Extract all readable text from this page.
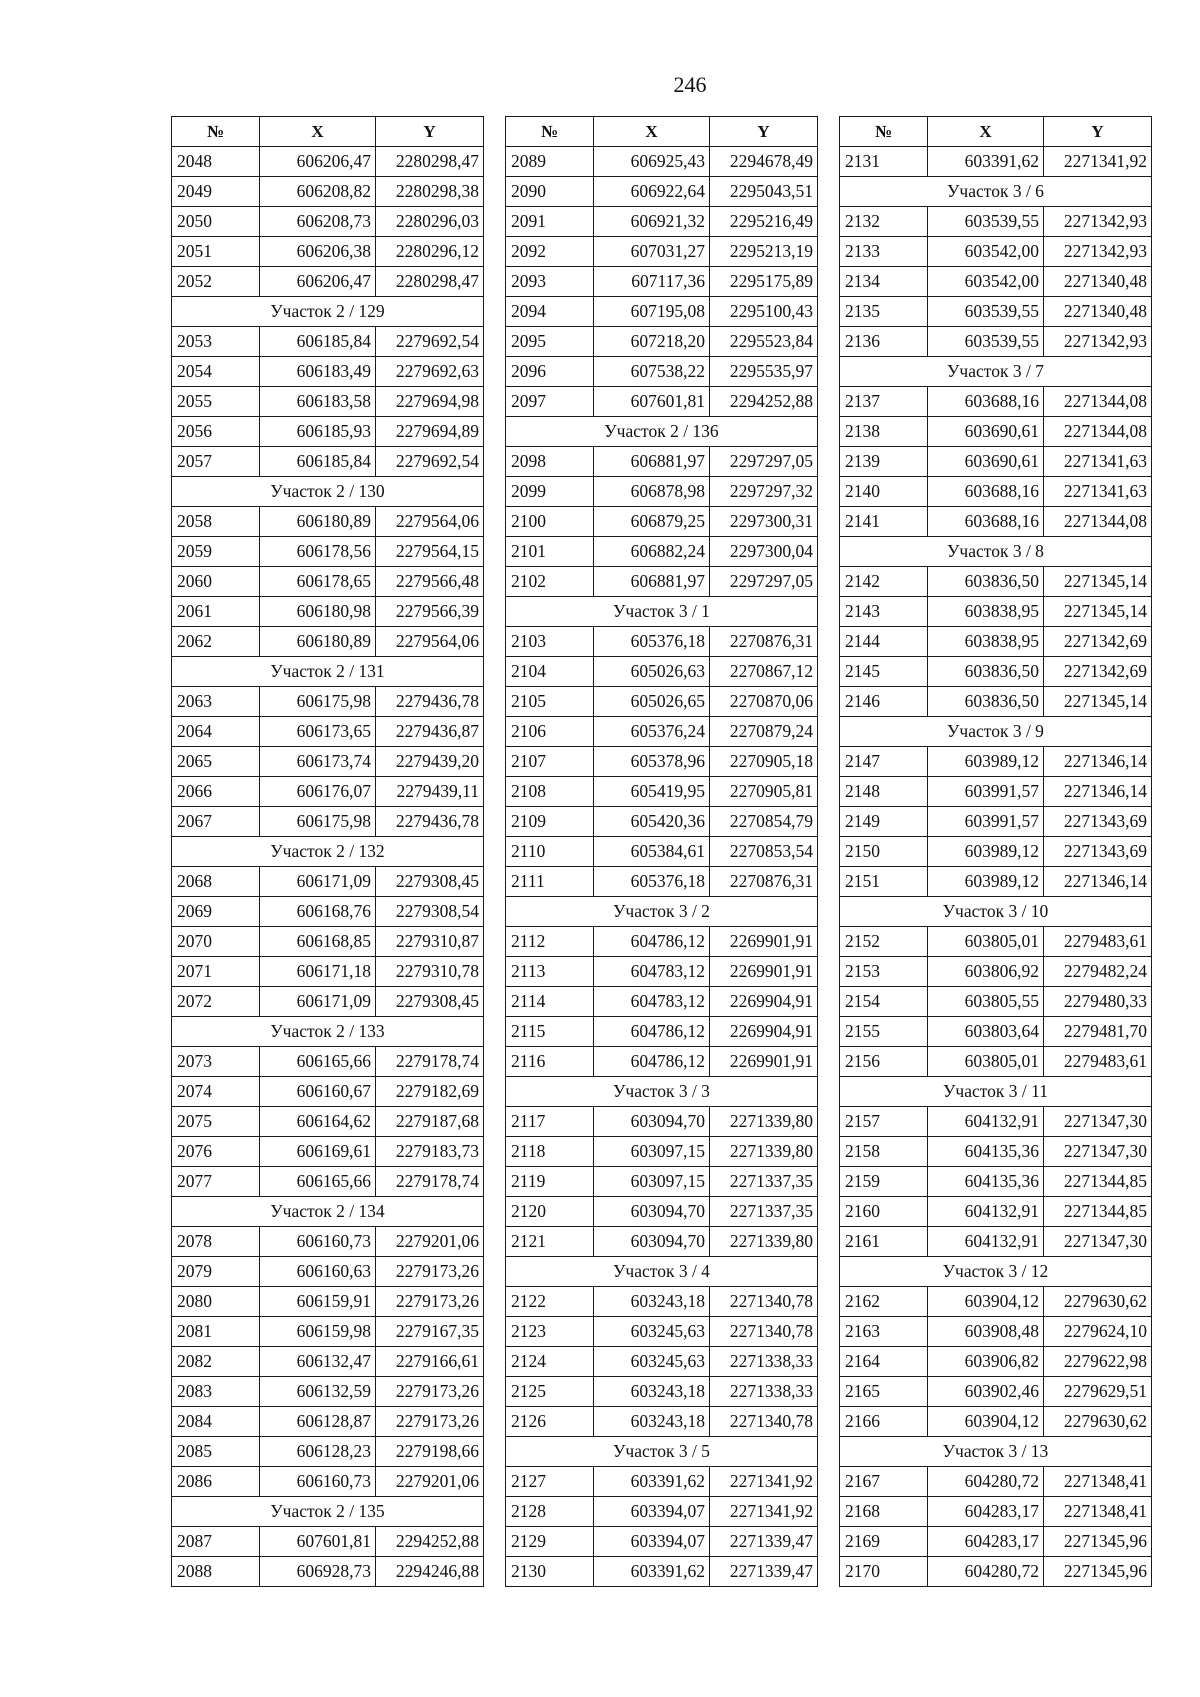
246
№	X	Y
2048	606206,47	2280298,47
2049	606208,82	2280298,38
2050	606208,73	2280296,03
2051	606206,38	2280296,12
2052	606206,47	2280298,47
Участок 2 / 129		
2053	606185,84	2279692,54
2054	606183,49	2279692,63
2055	606183,58	2279694,98
2056	606185,93	2279694,89
2057	606185,84	2279692,54
Участок 2 / 130		
2058	606180,89	2279564,06
2059	606178,56	2279564,15
2060	606178,65	2279566,48
2061	606180,98	2279566,39
2062	606180,89	2279564,06
Участок 2 / 131		
2063	606175,98	2279436,78
2064	606173,65	2279436,87
2065	606173,74	2279439,20
2066	606176,07	2279439,11
2067	606175,98	2279436,78
Участок 2 / 132		
2068	606171,09	2279308,45
2069	606168,76	2279308,54
2070	606168,85	2279310,87
2071	606171,18	2279310,78
2072	606171,09	2279308,45
Участок 2 / 133		
2073	606165,66	2279178,74
2074	606160,67	2279182,69
2075	606164,62	2279187,68
2076	606169,61	2279183,73
2077	606165,66	2279178,74
Участок 2 / 134		
2078	606160,73	2279201,06
2079	606160,63	2279173,26
2080	606159,91	2279173,26
2081	606159,98	2279167,35
2082	606132,47	2279166,61
2083	606132,59	2279173,26
2084	606128,87	2279173,26
2085	606128,23	2279198,66
2086	606160,73	2279201,06
Участок 2 / 135		
2087	607601,81	2294252,88
2088	606928,73	2294246,88
№	X	Y
2089	606925,43	2294678,49
2090	606922,64	2295043,51
2091	606921,32	2295216,49
2092	607031,27	2295213,19
2093	607117,36	2295175,89
2094	607195,08	2295100,43
2095	607218,20	2295523,84
2096	607538,22	2295535,97
2097	607601,81	2294252,88
Участок 2 / 136		
2098	606881,97	2297297,05
2099	606878,98	2297297,32
2100	606879,25	2297300,31
2101	606882,24	2297300,04
2102	606881,97	2297297,05
Участок 3 / 1		
2103	605376,18	2270876,31
2104	605026,63	2270867,12
2105	605026,65	2270870,06
2106	605376,24	2270879,24
2107	605378,96	2270905,18
2108	605419,95	2270905,81
2109	605420,36	2270854,79
2110	605384,61	2270853,54
2111	605376,18	2270876,31
Участок 3 / 2		
2112	604786,12	2269901,91
2113	604783,12	2269901,91
2114	604783,12	2269904,91
2115	604786,12	2269904,91
2116	604786,12	2269901,91
Участок 3 / 3		
2117	603094,70	2271339,80
2118	603097,15	2271339,80
2119	603097,15	2271337,35
2120	603094,70	2271337,35
2121	603094,70	2271339,80
Участок 3 / 4		
2122	603243,18	2271340,78
2123	603245,63	2271340,78
2124	603245,63	2271338,33
2125	603243,18	2271338,33
2126	603243,18	2271340,78
Участок 3 / 5		
2127	603391,62	2271341,92
2128	603394,07	2271341,92
2129	603394,07	2271339,47
2130	603391,62	2271339,47
№	X	Y
2131	603391,62	2271341,92
Участок 3 / 6		
2132	603539,55	2271342,93
2133	603542,00	2271342,93
2134	603542,00	2271340,48
2135	603539,55	2271340,48
2136	603539,55	2271342,93
Участок 3 / 7		
2137	603688,16	2271344,08
2138	603690,61	2271344,08
2139	603690,61	2271341,63
2140	603688,16	2271341,63
2141	603688,16	2271344,08
Участок 3 / 8		
2142	603836,50	2271345,14
2143	603838,95	2271345,14
2144	603838,95	2271342,69
2145	603836,50	2271342,69
2146	603836,50	2271345,14
Участок 3 / 9		
2147	603989,12	2271346,14
2148	603991,57	2271346,14
2149	603991,57	2271343,69
2150	603989,12	2271343,69
2151	603989,12	2271346,14
Участок 3 / 10		
2152	603805,01	2279483,61
2153	603806,92	2279482,24
2154	603805,55	2279480,33
2155	603803,64	2279481,70
2156	603805,01	2279483,61
Участок 3 / 11		
2157	604132,91	2271347,30
2158	604135,36	2271347,30
2159	604135,36	2271344,85
2160	604132,91	2271344,85
2161	604132,91	2271347,30
Участок 3 / 12		
2162	603904,12	2279630,62
2163	603908,48	2279624,10
2164	603906,82	2279622,98
2165	603902,46	2279629,51
2166	603904,12	2279630,62
Участок 3 / 13		
2167	604280,72	2271348,41
2168	604283,17	2271348,41
2169	604283,17	2271345,96
2170	604280,72	2271345,96
